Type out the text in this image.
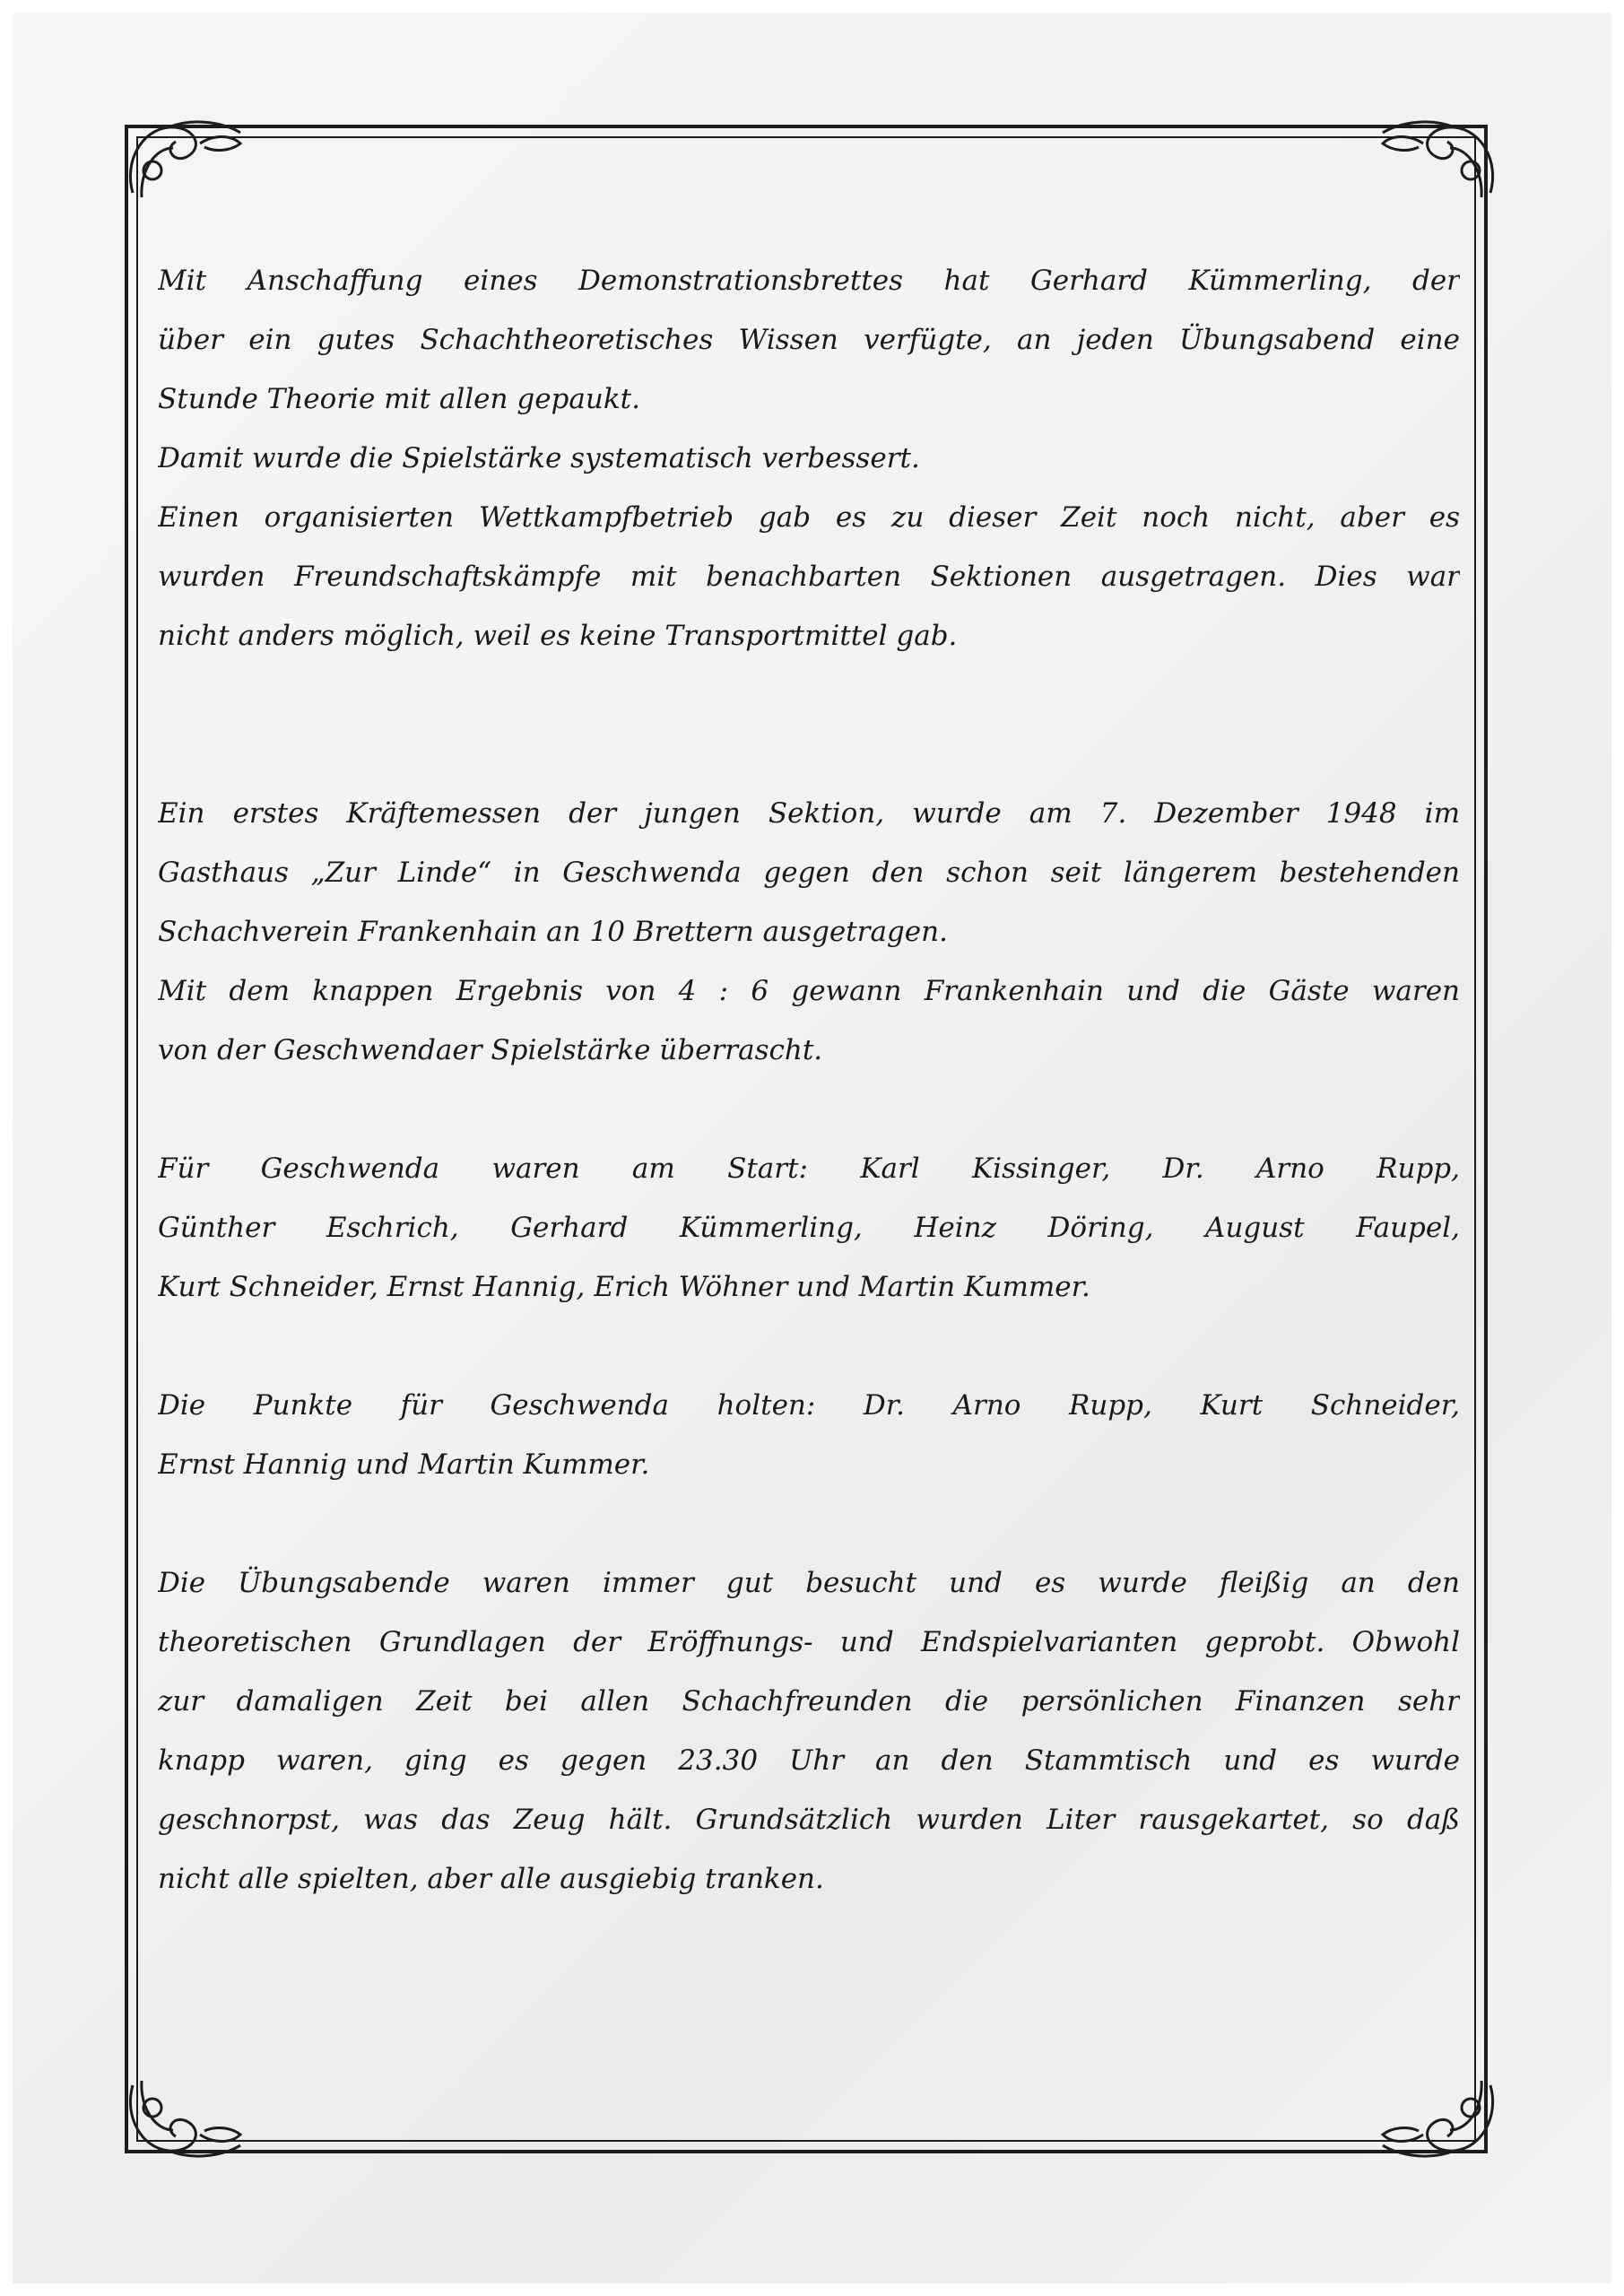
Mit Anschaffung eines Demonstrationsbrettes hat Gerhard Kümmerling, der
über ein gutes Schachtheoretisches Wissen verfügte, an jeden Übungsabend eine
Stunde Theorie mit allen gepaukt.
Damit wurde die Spielstärke systematisch verbessert.
Einen organisierten Wettkampfbetrieb gab es zu dieser Zeit noch nicht, aber es
wurden Freundschaftskämpfe mit benachbarten Sektionen ausgetragen. Dies war
nicht anders möglich, weil es keine Transportmittel gab.
Ein erstes Kräftemessen der jungen Sektion, wurde am 7. Dezember 1948 im
Gasthaus „Zur Linde“ in Geschwenda gegen den schon seit längerem bestehenden
Schachverein Frankenhain an 10 Brettern ausgetragen.
Mit dem knappen Ergebnis von 4 : 6 gewann Frankenhain und die Gäste waren
von der Geschwendaer Spielstärke überrascht.
Für Geschwenda waren am Start: Karl Kissinger, Dr. Arno Rupp,
Günther Eschrich, Gerhard Kümmerling, Heinz Döring, August Faupel,
Kurt Schneider, Ernst Hannig, Erich Wöhner und Martin Kummer.
Die Punkte für Geschwenda holten: Dr. Arno Rupp, Kurt Schneider,
Ernst Hannig und Martin Kummer.
Die Übungsabende waren immer gut besucht und es wurde fleißig an den
theoretischen Grundlagen der Eröffnungs- und Endspielvarianten geprobt. Obwohl
zur damaligen Zeit bei allen Schachfreunden die persönlichen Finanzen sehr
knapp waren, ging es gegen 23.30 Uhr an den Stammtisch und es wurde
geschnorpst, was das Zeug hält. Grundsätzlich wurden Liter rausgekartet, so daß
nicht alle spielten, aber alle ausgiebig tranken.
